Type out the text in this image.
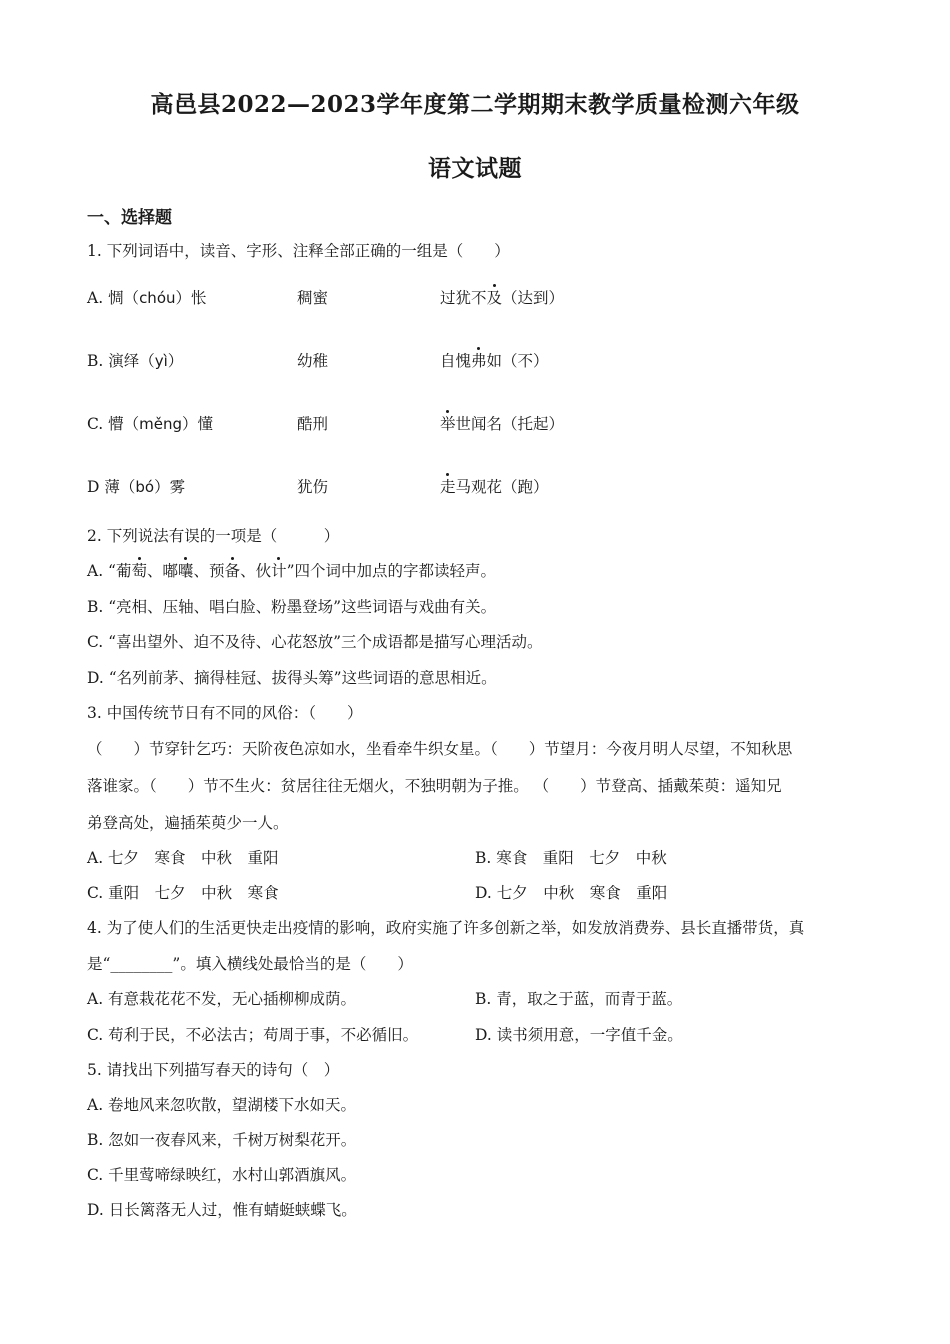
高邑县2022—2023学年度第二学期期末教学质量检测六年级
语文试题
一、选择题
1. 下列词语中，读音、字形、注释全部正确的一组是（　　）
A. 惆（chóu）怅	稠蜜	过犹不及（达到）
B. 演绎（yì）	幼稚	自愧弗如（不）
C. 懵（měng）懂	酷刑	举世闻名（托起）
D 薄（bó）雾	犹伤	走马观花（跑）
2. 下列说法有误的一项是（　　　）
A. “葡萄、嘟囔、预备、伙计”四个词中加点的字都读轻声。
B. “亮相、压轴、唱白脸、粉墨登场”这些词语与戏曲有关。
C. “喜出望外、迫不及待、心花怒放”三个成语都是描写心理活动。
D. “名列前茅、摘得桂冠、拔得头筹”这些词语的意思相近。
3. 中国传统节日有不同的风俗：（　　）
（　　）节穿针乞巧：天阶夜色凉如水，坐看牵牛织女星。（　　）节望月：今夜月明人尽望，不知秋思
落谁家。（　　）节不生火：贫居往往无烟火，不独明朝为子推。 （　　）节登高、插戴茱萸：遥知兄
弟登高处，遍插茱萸少一人。
A. 七夕　寒食　中秋　重阳	B. 寒食　重阳　七夕　中秋
C. 重阳　七夕　中秋　寒食	D. 七夕　中秋　寒食　重阳
4. 为了使人们的生活更快走出疫情的影响，政府实施了许多创新之举，如发放消费券、县长直播带货，真
是“________”。填入横线处最恰当的是（　　）
A. 有意栽花花不发，无心插柳柳成荫。	B. 青，取之于蓝，而青于蓝。
C. 苟利于民，不必法古；苟周于事，不必循旧。	D. 读书须用意，一字值千金。
5. 请找出下列描写春天的诗句（　）
A. 卷地风来忽吹散，望湖楼下水如天。
B. 忽如一夜春风来，千树万树梨花开。
C. 千里莺啼绿映红，水村山郭酒旗风。
D. 日长篱落无人过，惟有蜻蜓蛱蝶飞。
